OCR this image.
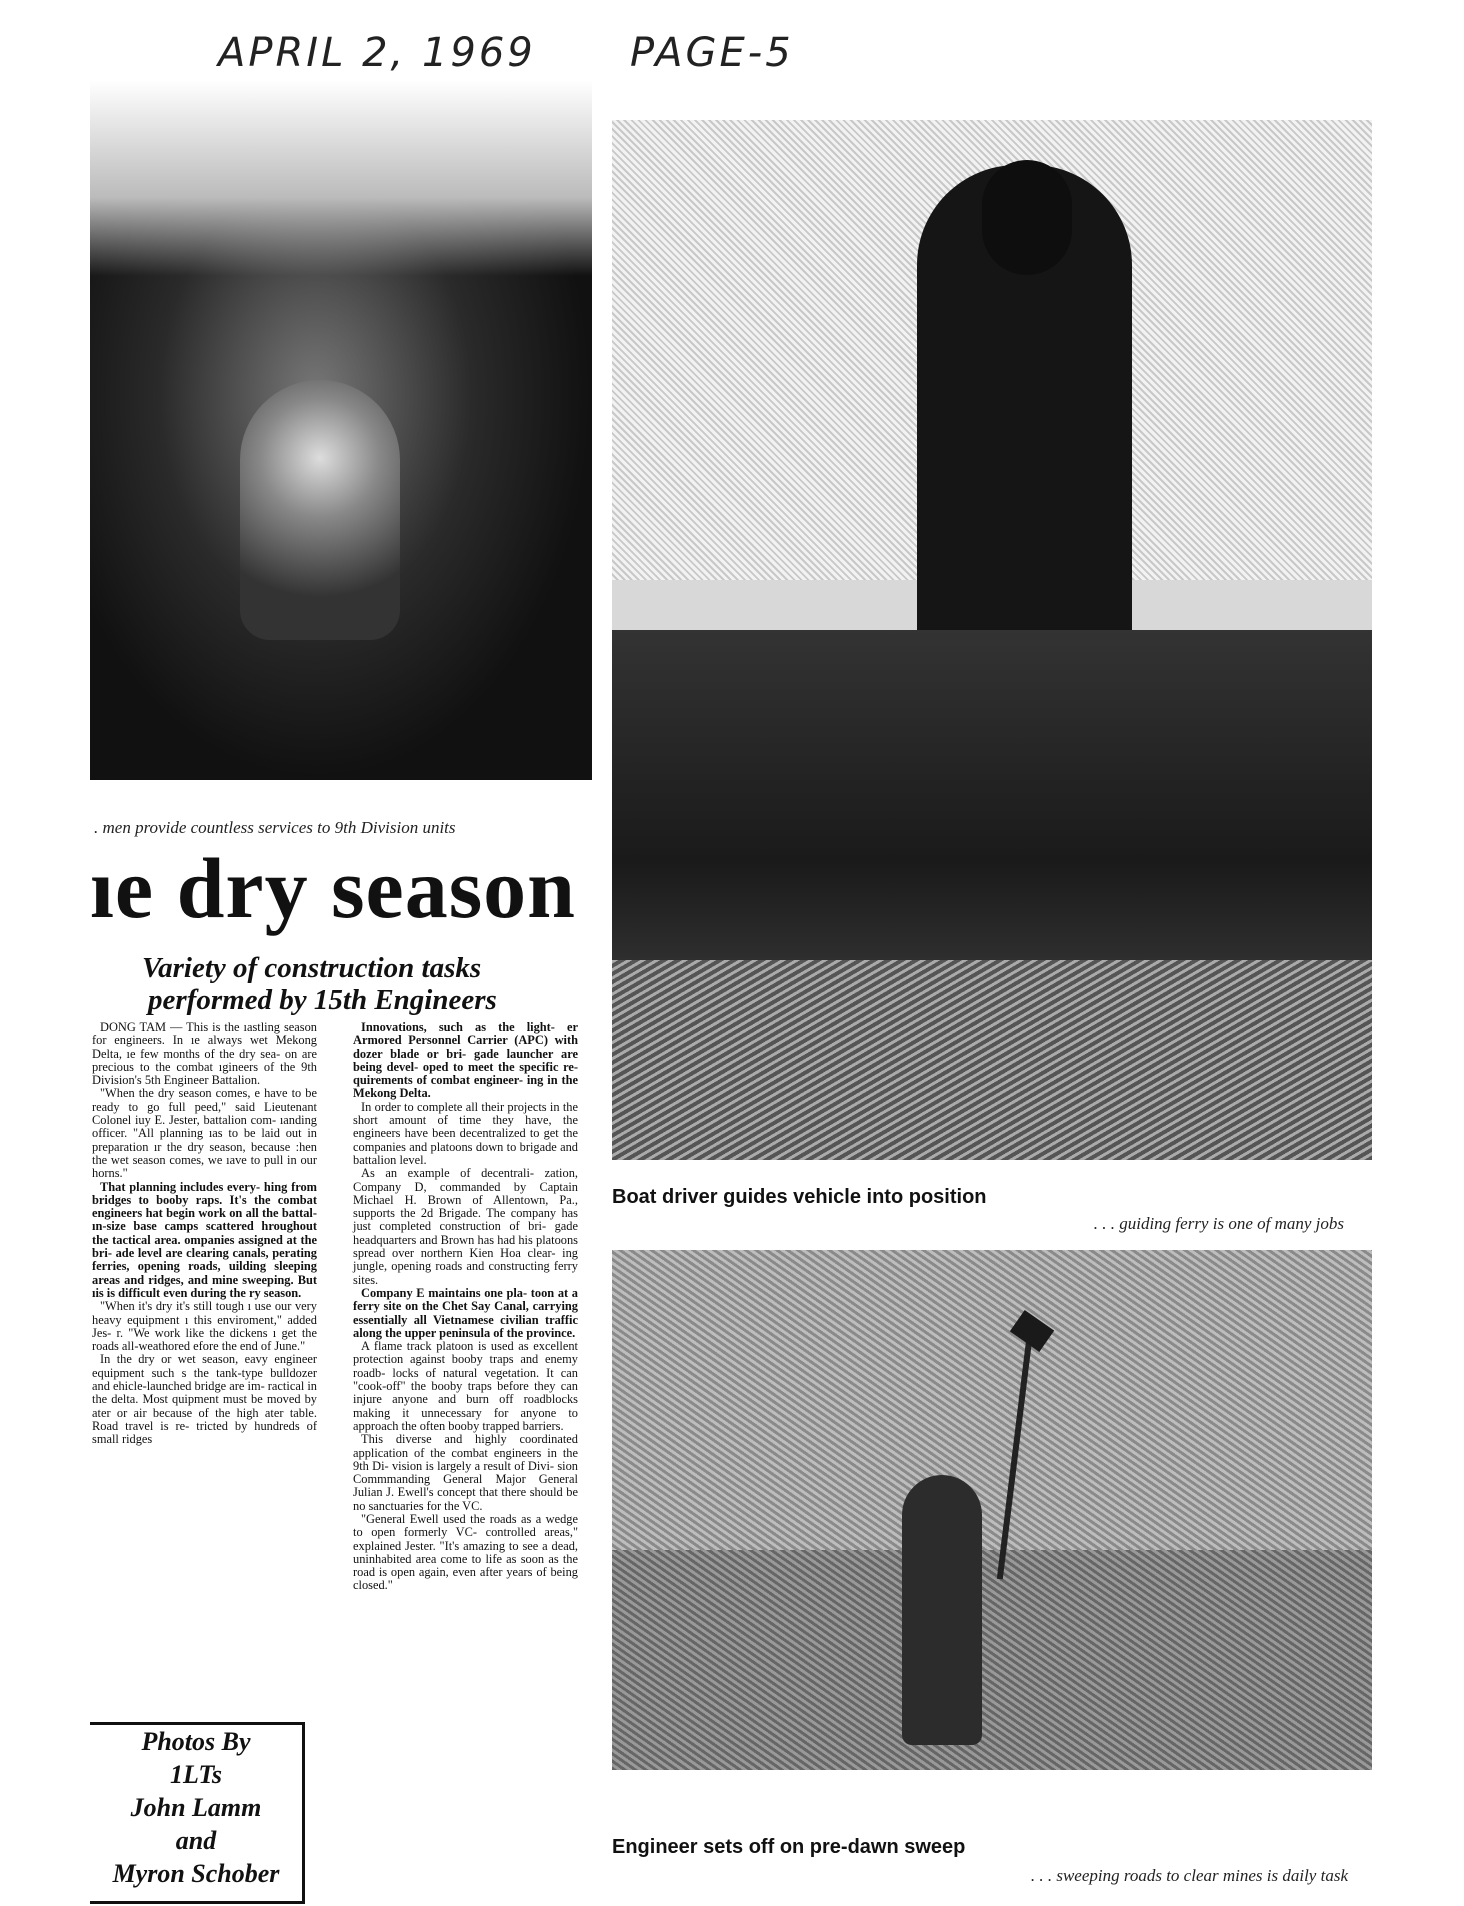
APRIL 2, 1969      PAGE-5
. men provide countless services to 9th Division units
Boat driver guides vehicle into position
. . . guiding ferry is one of many jobs
Engineer sets off on pre-dawn sweep
. . . sweeping roads to clear mines is daily task
ıe dry season
Variety of construction tasks
performed by 15th Engineers

DONG TAM — This is the ıastling season for engineers. In ıe always wet Mekong Delta, ıe few months of the dry sea- on are precious to the combat ıgineers of the 9th Division's 5th Engineer Battalion.

"When the dry season comes, e have to be ready to go full peed," said Lieutenant Colonel iuy E. Jester, battalion com- ıanding officer. "All planning ıas to be laid out in preparation ır the dry season, because :hen the wet season comes, we ıave to pull in our horns."

That planning includes every- hing from bridges to booby raps. It's the combat engineers hat begin work on all the battal- ın-size base camps scattered hroughout the tactical area. ompanies assigned at the bri- ade level are clearing canals, perating ferries, opening roads, uilding sleeping areas and ridges, and mine sweeping. But ıis is difficult even during the ry season.

"When it's dry it's still tough ı use our very heavy equipment ı this enviroment," added Jes- r. "We work like the dickens ı get the roads all-weathored efore the end of June."

In the dry or wet season, eavy engineer equipment such s the tank-type bulldozer and ehicle-launched bridge are im- ractical in the delta. Most quipment must be moved by ater or air because of the high ater table. Road travel is re- tricted by hundreds of small ridges

Innovations, such as the light- er Armored Personnel Carrier (APC) with dozer blade or bri- gade launcher are being devel- oped to meet the specific re- quirements of combat engineer- ing in the Mekong Delta.

In order to complete all their projects in the short amount of time they have, the engineers have been decentralized to get the companies and platoons down to brigade and battalion level.

As an example of decentrali- zation, Company D, commanded by Captain Michael H. Brown of Allentown, Pa., supports the 2d Brigade. The company has just completed construction of bri- gade headquarters and Brown has had his platoons spread over northern Kien Hoa clear- ing jungle, opening roads and constructing ferry sites.

Company E maintains one pla- toon at a ferry site on the Chet Say Canal, carrying essentially all Vietnamese civilian traffic along the upper peninsula of the province.

A flame track platoon is used as excellent protection against booby traps and enemy roadb- locks of natural vegetation. It can "cook-off" the booby traps before they can injure anyone and burn off roadblocks making it unnecessary for anyone to approach the often booby trapped barriers.

This diverse and highly coordinated application of the combat engineers in the 9th Di- vision is largely a result of Divi- sion Commmanding General Major General Julian J. Ewell's concept that there should be no sanctuaries for the VC.

"General Ewell used the roads as a wedge to open formerly VC- controlled areas," explained Jester. "It's amazing to see a dead, uninhabited area come to life as soon as the road is open again, even after years of being closed."

Photos By
1LTs
John Lamm
and
Myron Schober
